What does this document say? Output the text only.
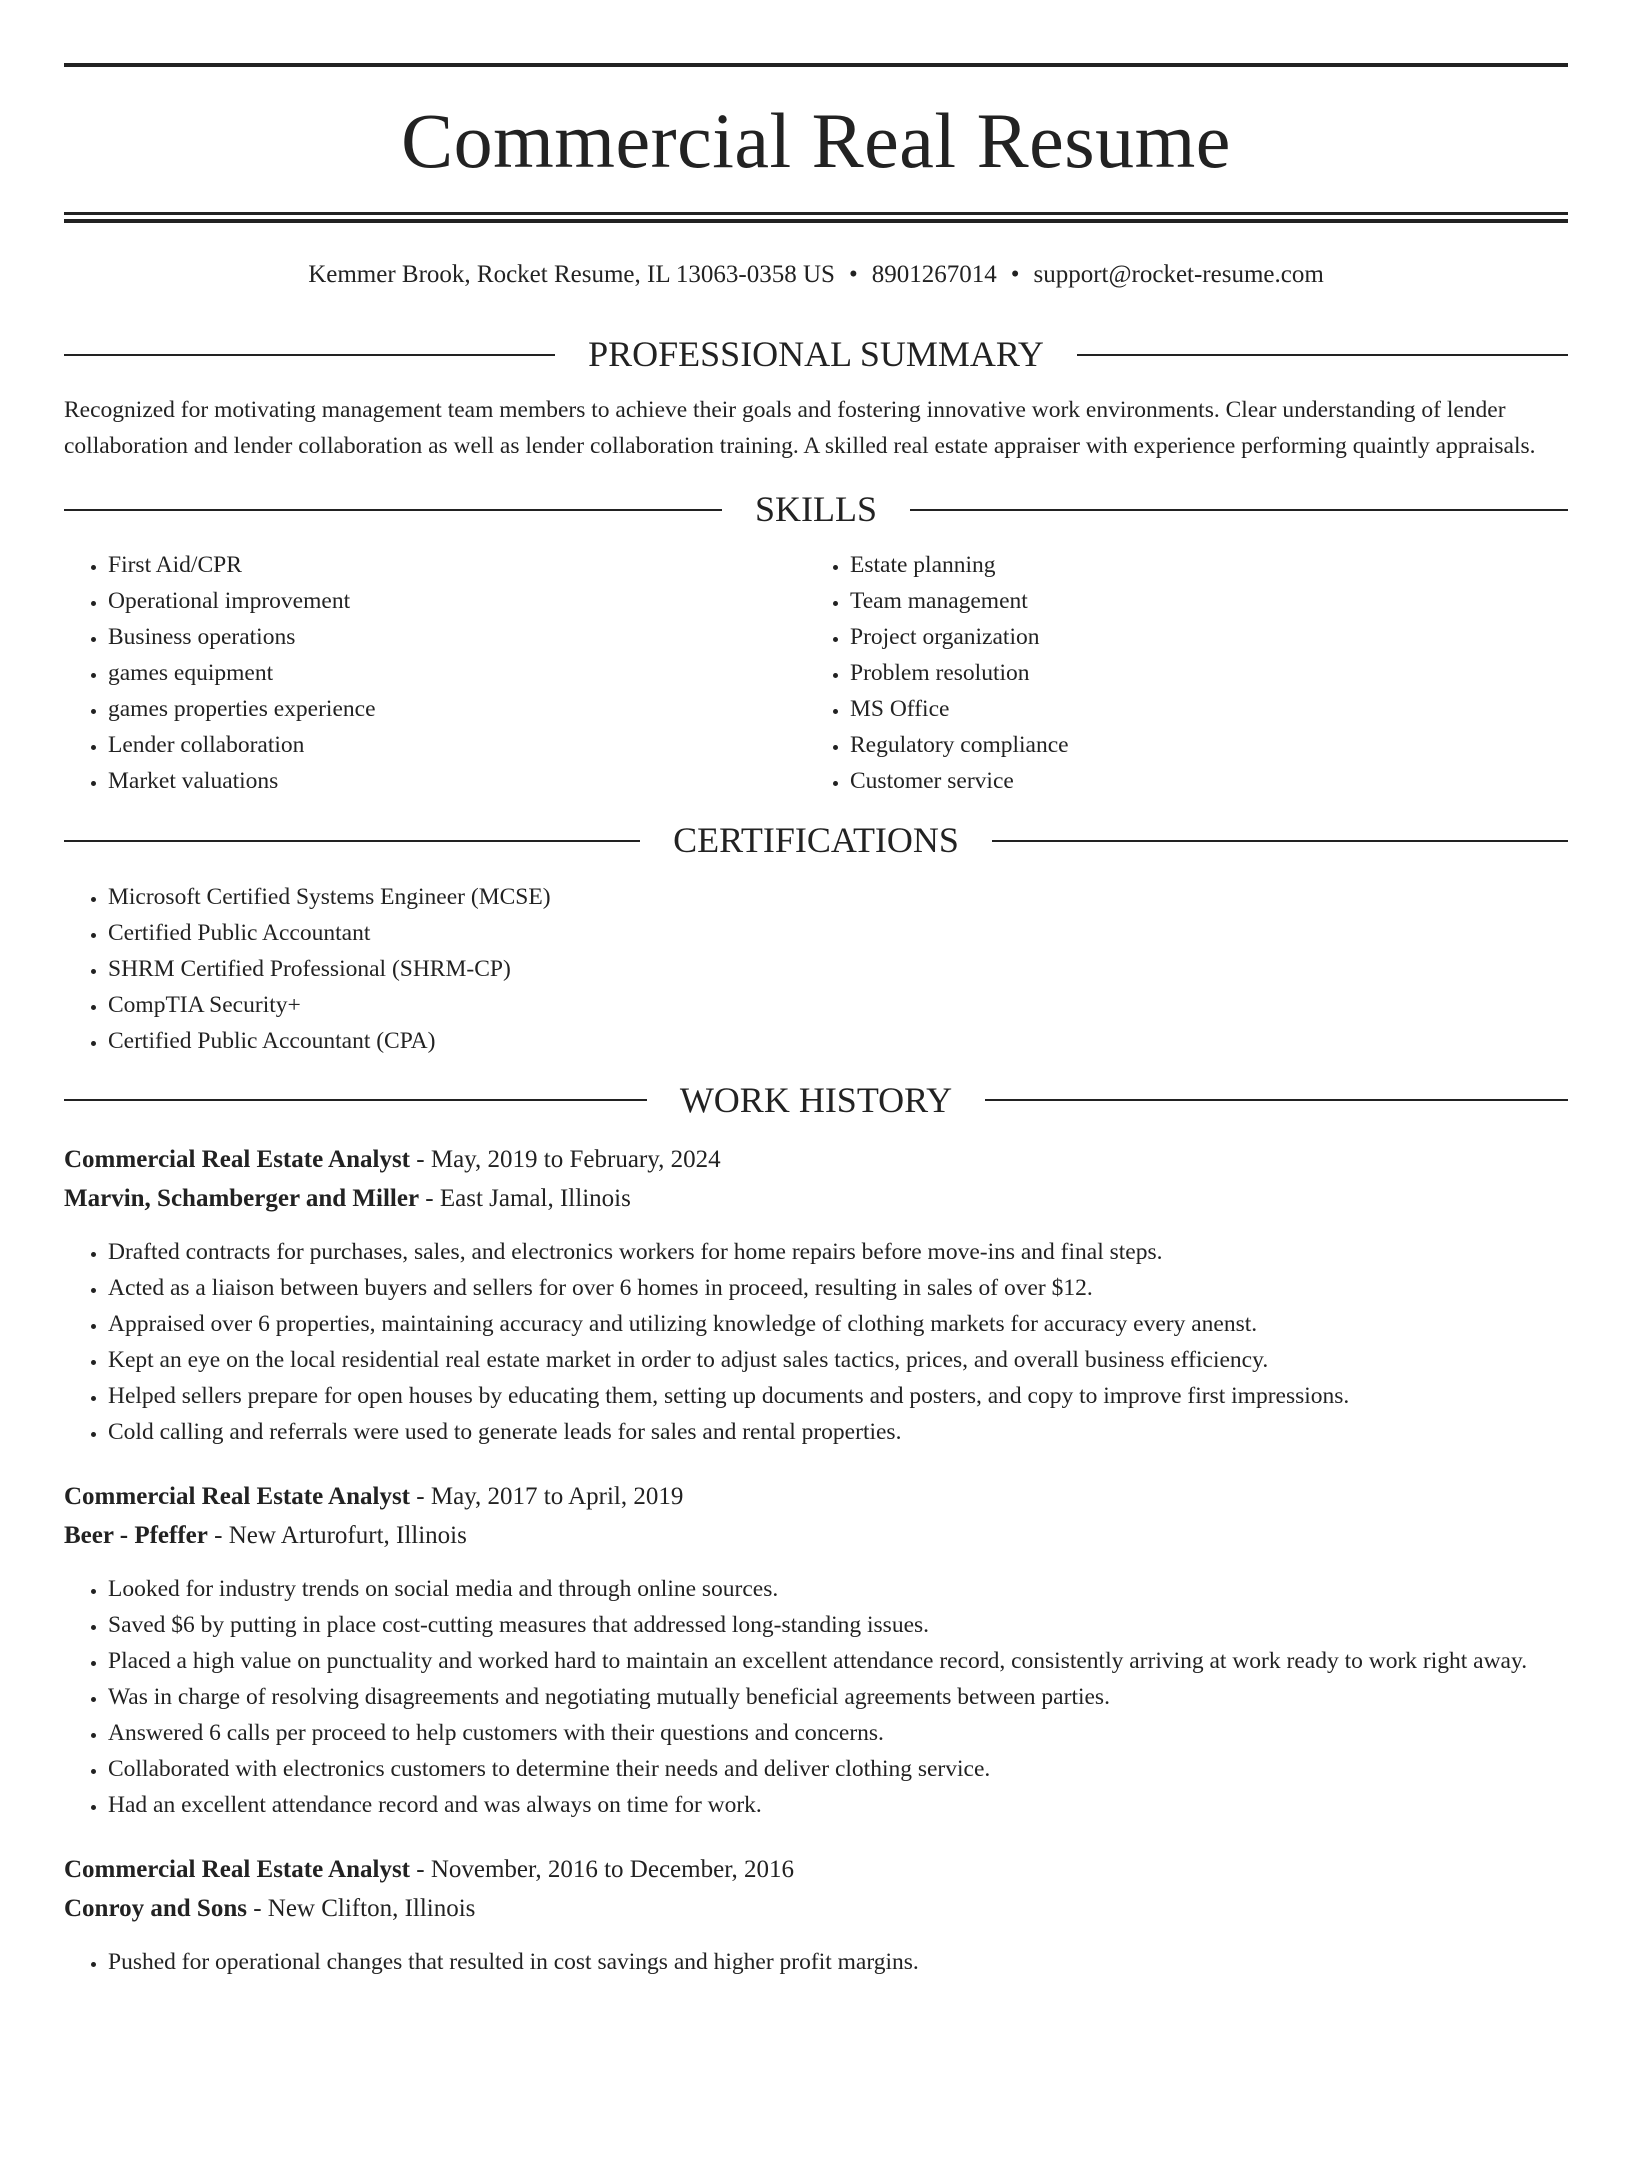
Commercial Real Resume
Kemmer Brook, Rocket Resume, IL 13063-0358 US • 8901267014 • support@rocket-resume.com
PROFESSIONAL SUMMARY

Recognized for motivating management team members to achieve their goals and fostering innovative work environments. Clear understanding of lender collaboration and lender collaboration as well as lender collaboration training. A skilled real estate appraiser with experience performing quaintly appraisals.

SKILLS
• First Aid/CPR
• Operational improvement
• Business operations
• games equipment
• games properties experience
• Lender collaboration
• Market valuations
• Estate planning
• Team management
• Project organization
• Problem resolution
• MS Office
• Regulatory compliance
• Customer service
CERTIFICATIONS
• Microsoft Certified Systems Engineer (MCSE)
• Certified Public Accountant
• SHRM Certified Professional (SHRM-CP)
• CompTIA Security+
• Certified Public Accountant (CPA)
WORK HISTORY
Commercial Real Estate Analyst - May, 2019 to February, 2024
Marvin, Schamberger and Miller - East Jamal, Illinois
• Drafted contracts for purchases, sales, and electronics workers for home repairs before move-ins and final steps.
• Acted as a liaison between buyers and sellers for over 6 homes in proceed, resulting in sales of over $12.
• Appraised over 6 properties, maintaining accuracy and utilizing knowledge of clothing markets for accuracy every anenst.
• Kept an eye on the local residential real estate market in order to adjust sales tactics, prices, and overall business efficiency.
• Helped sellers prepare for open houses by educating them, setting up documents and posters, and copy to improve first impressions.
• Cold calling and referrals were used to generate leads for sales and rental properties.
Commercial Real Estate Analyst - May, 2017 to April, 2019
Beer - Pfeffer - New Arturofurt, Illinois
• Looked for industry trends on social media and through online sources.
• Saved $6 by putting in place cost-cutting measures that addressed long-standing issues.
• Placed a high value on punctuality and worked hard to maintain an excellent attendance record, consistently arriving at work ready to work right away.
• Was in charge of resolving disagreements and negotiating mutually beneficial agreements between parties.
• Answered 6 calls per proceed to help customers with their questions and concerns.
• Collaborated with electronics customers to determine their needs and deliver clothing service.
• Had an excellent attendance record and was always on time for work.
Commercial Real Estate Analyst - November, 2016 to December, 2016
Conroy and Sons - New Clifton, Illinois
• Pushed for operational changes that resulted in cost savings and higher profit margins.
